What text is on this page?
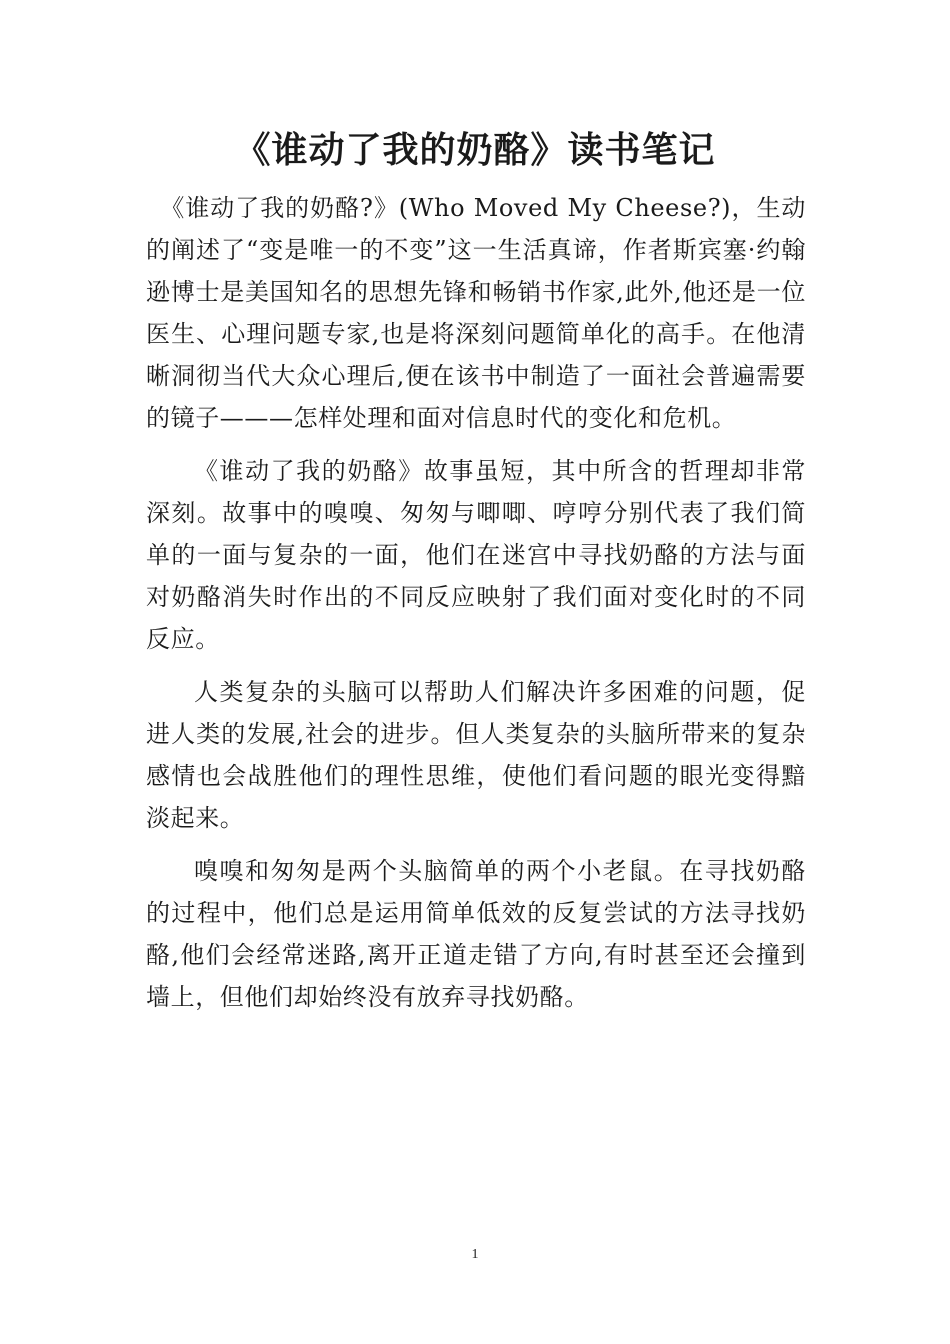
《谁动了我的奶酪》读书笔记

《谁动了我的奶酪?》(Who Moved My Cheese?)，生动的阐述了“变是唯一的不变”这一生活真谛，作者斯宾塞·约翰逊博士是美国知名的思想先锋和畅销书作家,此外,他还是一位医生、心理问题专家,也是将深刻问题简单化的高手。在他清晰洞彻当代大众心理后,便在该书中制造了一面社会普遍需要的镜子———怎样处理和面对信息时代的变化和危机。

《谁动了我的奶酪》故事虽短，其中所含的哲理却非常深刻。故事中的嗅嗅、匆匆与唧唧、哼哼分别代表了我们简单的一面与复杂的一面，他们在迷宫中寻找奶酪的方法与面对奶酪消失时作出的不同反应映射了我们面对变化时的不同反应。

人类复杂的头脑可以帮助人们解决许多困难的问题，促进人类的发展,社会的进步。但人类复杂的头脑所带来的复杂感情也会战胜他们的理性思维，使他们看问题的眼光变得黯淡起来。

嗅嗅和匆匆是两个头脑简单的两个小老鼠。在寻找奶酪的过程中，他们总是运用简单低效的反复尝试的方法寻找奶酪,他们会经常迷路,离开正道走错了方向,有时甚至还会撞到墙上，但他们却始终没有放弃寻找奶酪。

1
